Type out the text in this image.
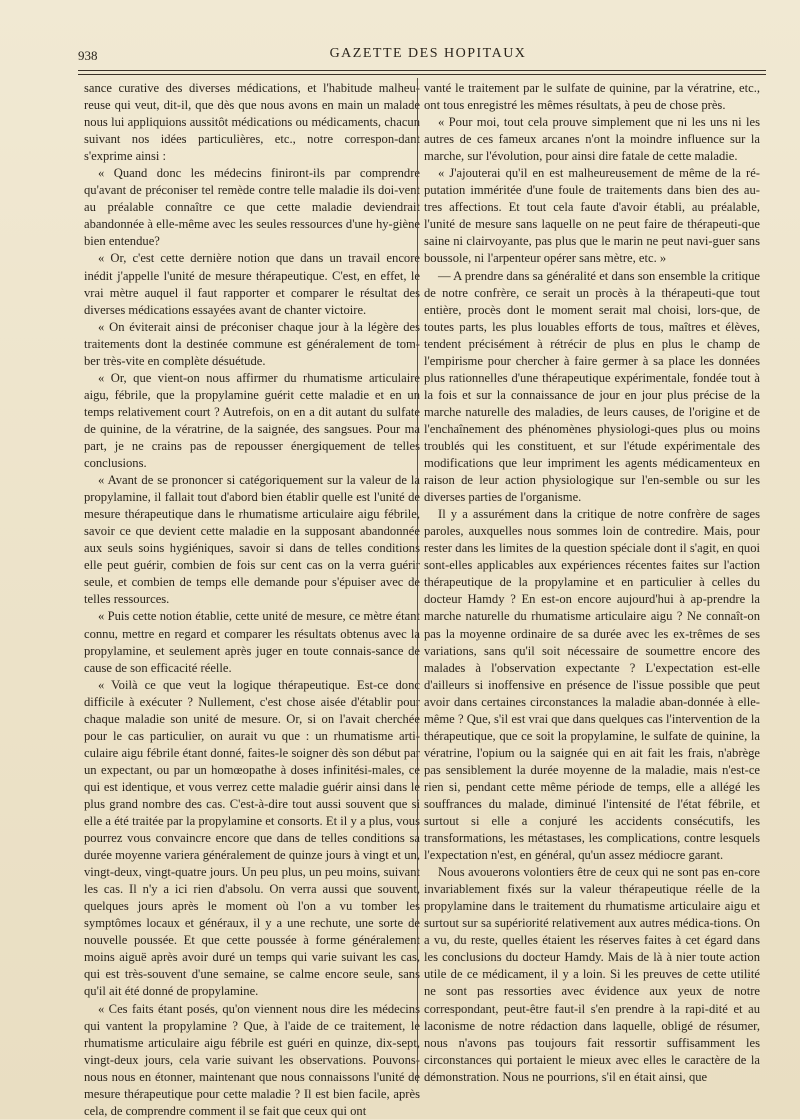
938	GAZETTE DES HOPITAUX

sance curative des diverses médications, et l'habitude malheu-reuse qui veut, dit-il, que dès que nous avons en main un malade nous lui appliquions aussitôt médications ou médicaments, chacun suivant nos idées particulières, etc., notre correspon-dant s'exprime ainsi :

« Quand donc les médecins finiront-ils par comprendre qu'avant de préconiser tel remède contre telle maladie ils doi-vent au préalable connaître ce que cette maladie deviendrait abandonnée à elle-même avec les seules ressources d'une hy-giène bien entendue?

« Or, c'est cette dernière notion que dans un travail encore inédit j'appelle l'unité de mesure thérapeutique. C'est, en effet, le vrai mètre auquel il faut rapporter et comparer le résultat des diverses médications essayées avant de chanter victoire.

« On éviterait ainsi de préconiser chaque jour à la légère des traitements dont la destinée commune est généralement de tom-ber très-vite en complète désuétude.

« Or, que vient-on nous affirmer du rhumatisme articulaire aigu, fébrile, que la propylamine guérit cette maladie et en un temps relativement court ? Autrefois, on en a dit autant du sulfate de quinine, de la vératrine, de la saignée, des sangsues. Pour ma part, je ne crains pas de repousser énergiquement de telles conclusions.

« Avant de se prononcer si catégoriquement sur la valeur de la propylamine, il fallait tout d'abord bien établir quelle est l'unité de mesure thérapeutique dans le rhumatisme articulaire aigu fébrile, savoir ce que devient cette maladie en la supposant abandonnée aux seuls soins hygiéniques, savoir si dans de telles conditions elle peut guérir, combien de fois sur cent cas on la verra guérir seule, et combien de temps elle demande pour s'épuiser avec de telles ressources.

« Puis cette notion établie, cette unité de mesure, ce mètre étant connu, mettre en regard et comparer les résultats obtenus avec la propylamine, et seulement après juger en toute connais-sance de cause de son efficacité réelle.

« Voilà ce que veut la logique thérapeutique. Est-ce donc difficile à exécuter ? Nullement, c'est chose aisée d'établir pour chaque maladie son unité de mesure. Or, si on l'avait cherchée pour le cas particulier, on aurait vu que : un rhumatisme arti-culaire aigu fébrile étant donné, faites-le soigner dès son début par un expectant, ou par un homœopathe à doses infinitési-males, ce qui est identique, et vous verrez cette maladie guérir ainsi dans le plus grand nombre des cas. C'est-à-dire tout aussi souvent que si elle a été traitée par la propylamine et consorts. Et il y a plus, vous pourrez vous convaincre encore que dans de telles conditions sa durée moyenne variera généralement de quinze jours à vingt et un, vingt-deux, vingt-quatre jours. Un peu plus, un peu moins, suivant les cas. Il n'y a ici rien d'absolu. On verra aussi que souvent, quelques jours après le moment où l'on a vu tomber les symptômes locaux et généraux, il y a une rechute, une sorte de nouvelle poussée. Et que cette poussée à forme généralement moins aiguë après avoir duré un temps qui varie suivant les cas, qui est très-souvent d'une semaine, se calme encore seule, sans qu'il ait été donné de propylamine.

« Ces faits étant posés, qu'on viennent nous dire les médecins qui vantent la propylamine ? Que, à l'aide de ce traitement, le rhumatisme articulaire aigu fébrile est guéri en quinze, dix-sept, vingt-deux jours, cela varie suivant les observations. Pouvons-nous nous en étonner, maintenant que nous connaissons l'unité de mesure thérapeutique pour cette maladie ? Il est bien facile, après cela, de comprendre comment il se fait que ceux qui ont

vanté le traitement par le sulfate de quinine, par la vératrine, etc., ont tous enregistré les mêmes résultats, à peu de chose près.

« Pour moi, tout cela prouve simplement que ni les uns ni les autres de ces fameux arcanes n'ont la moindre influence sur la marche, sur l'évolution, pour ainsi dire fatale de cette maladie.

« J'ajouterai qu'il en est malheureusement de même de la ré-putation imméritée d'une foule de traitements dans bien des au-tres affections. Et tout cela faute d'avoir établi, au préalable, l'unité de mesure sans laquelle on ne peut faire de thérapeuti-que saine ni clairvoyante, pas plus que le marin ne peut navi-guer sans boussole, ni l'arpenteur opérer sans mètre, etc. »

— A prendre dans sa généralité et dans son ensemble la critique de notre confrère, ce serait un procès à la thérapeuti-que tout entière, procès dont le moment serait mal choisi, lors-que, de toutes parts, les plus louables efforts de tous, maîtres et élèves, tendent précisément à rétrécir de plus en plus le champ de l'empirisme pour chercher à faire germer à sa place les données plus rationnelles d'une thérapeutique expérimentale, fondée tout à la fois et sur la connaissance de jour en jour plus précise de la marche naturelle des maladies, de leurs causes, de l'origine et de l'enchaînement des phénomènes physiologi-ques plus ou moins troublés qui les constituent, et sur l'étude expérimentale des modifications que leur impriment les agents médicamenteux en raison de leur action physiologique sur l'en-semble ou sur les diverses parties de l'organisme.

Il y a assurément dans la critique de notre confrère de sages paroles, auxquelles nous sommes loin de contredire. Mais, pour rester dans les limites de la question spéciale dont il s'agit, en quoi sont-elles applicables aux expériences récentes faites sur l'action thérapeutique de la propylamine et en particulier à celles du docteur Hamdy ? En est-on encore aujourd'hui à ap-prendre la marche naturelle du rhumatisme articulaire aigu ? Ne connaît-on pas la moyenne ordinaire de sa durée avec les ex-trêmes de ses variations, sans qu'il soit nécessaire de soumettre encore des malades à l'observation expectante ? L'expectation est-elle d'ailleurs si inoffensive en présence de l'issue possible que peut avoir dans certaines circonstances la maladie aban-donnée à elle-même ? Que, s'il est vrai que dans quelques cas l'intervention de la thérapeutique, que ce soit la propylamine, le sulfate de quinine, la vératrine, l'opium ou la saignée qui en ait fait les frais, n'abrège pas sensiblement la durée moyenne de la maladie, mais n'est-ce rien si, pendant cette même période de temps, elle a allégé les souffrances du malade, diminué l'intensité de l'état fébrile, et surtout si elle a conjuré les accidents consécutifs, les transformations, les métastases, les complications, contre lesquels l'expectation n'est, en général, qu'un assez médiocre garant.

Nous avouerons volontiers être de ceux qui ne sont pas en-core invariablement fixés sur la valeur thérapeutique réelle de la propylamine dans le traitement du rhumatisme articulaire aigu et surtout sur sa supériorité relativement aux autres médica-tions. On a vu, du reste, quelles étaient les réserves faites à cet égard dans les conclusions du docteur Hamdy. Mais de là à nier toute action utile de ce médicament, il y a loin. Si les preuves de cette utilité ne sont pas ressorties avec évidence aux yeux de notre correspondant, peut-être faut-il s'en prendre à la rapi-dité et au laconisme de notre rédaction dans laquelle, obligé de résumer, nous n'avons pas toujours fait ressortir suffisamment les circonstances qui portaient le mieux avec elles le caractère de la démonstration. Nous ne pourrions, s'il en était ainsi, que
